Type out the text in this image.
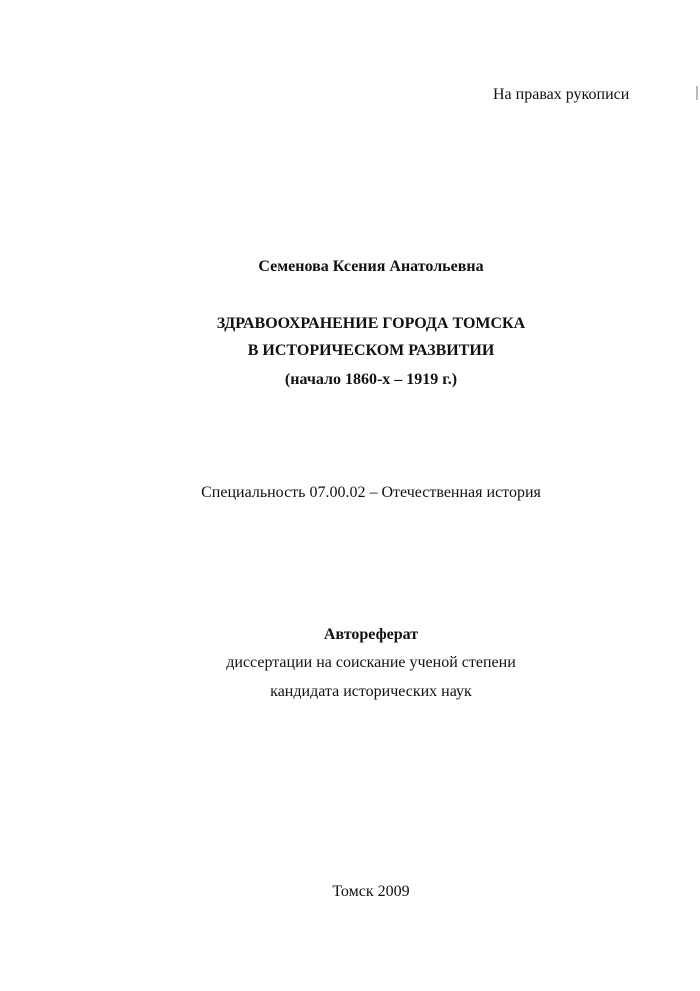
На правах рукописи
Семенова Ксения Анатольевна
ЗДРАВООХРАНЕНИЕ ГОРОДА ТОМСКА
В ИСТОРИЧЕСКОМ РАЗВИТИИ
(начало 1860-х – 1919 г.)
Специальность 07.00.02 – Отечественная история
Автореферат
диссертации на соискание ученой степени
кандидата исторических наук
Томск 2009
